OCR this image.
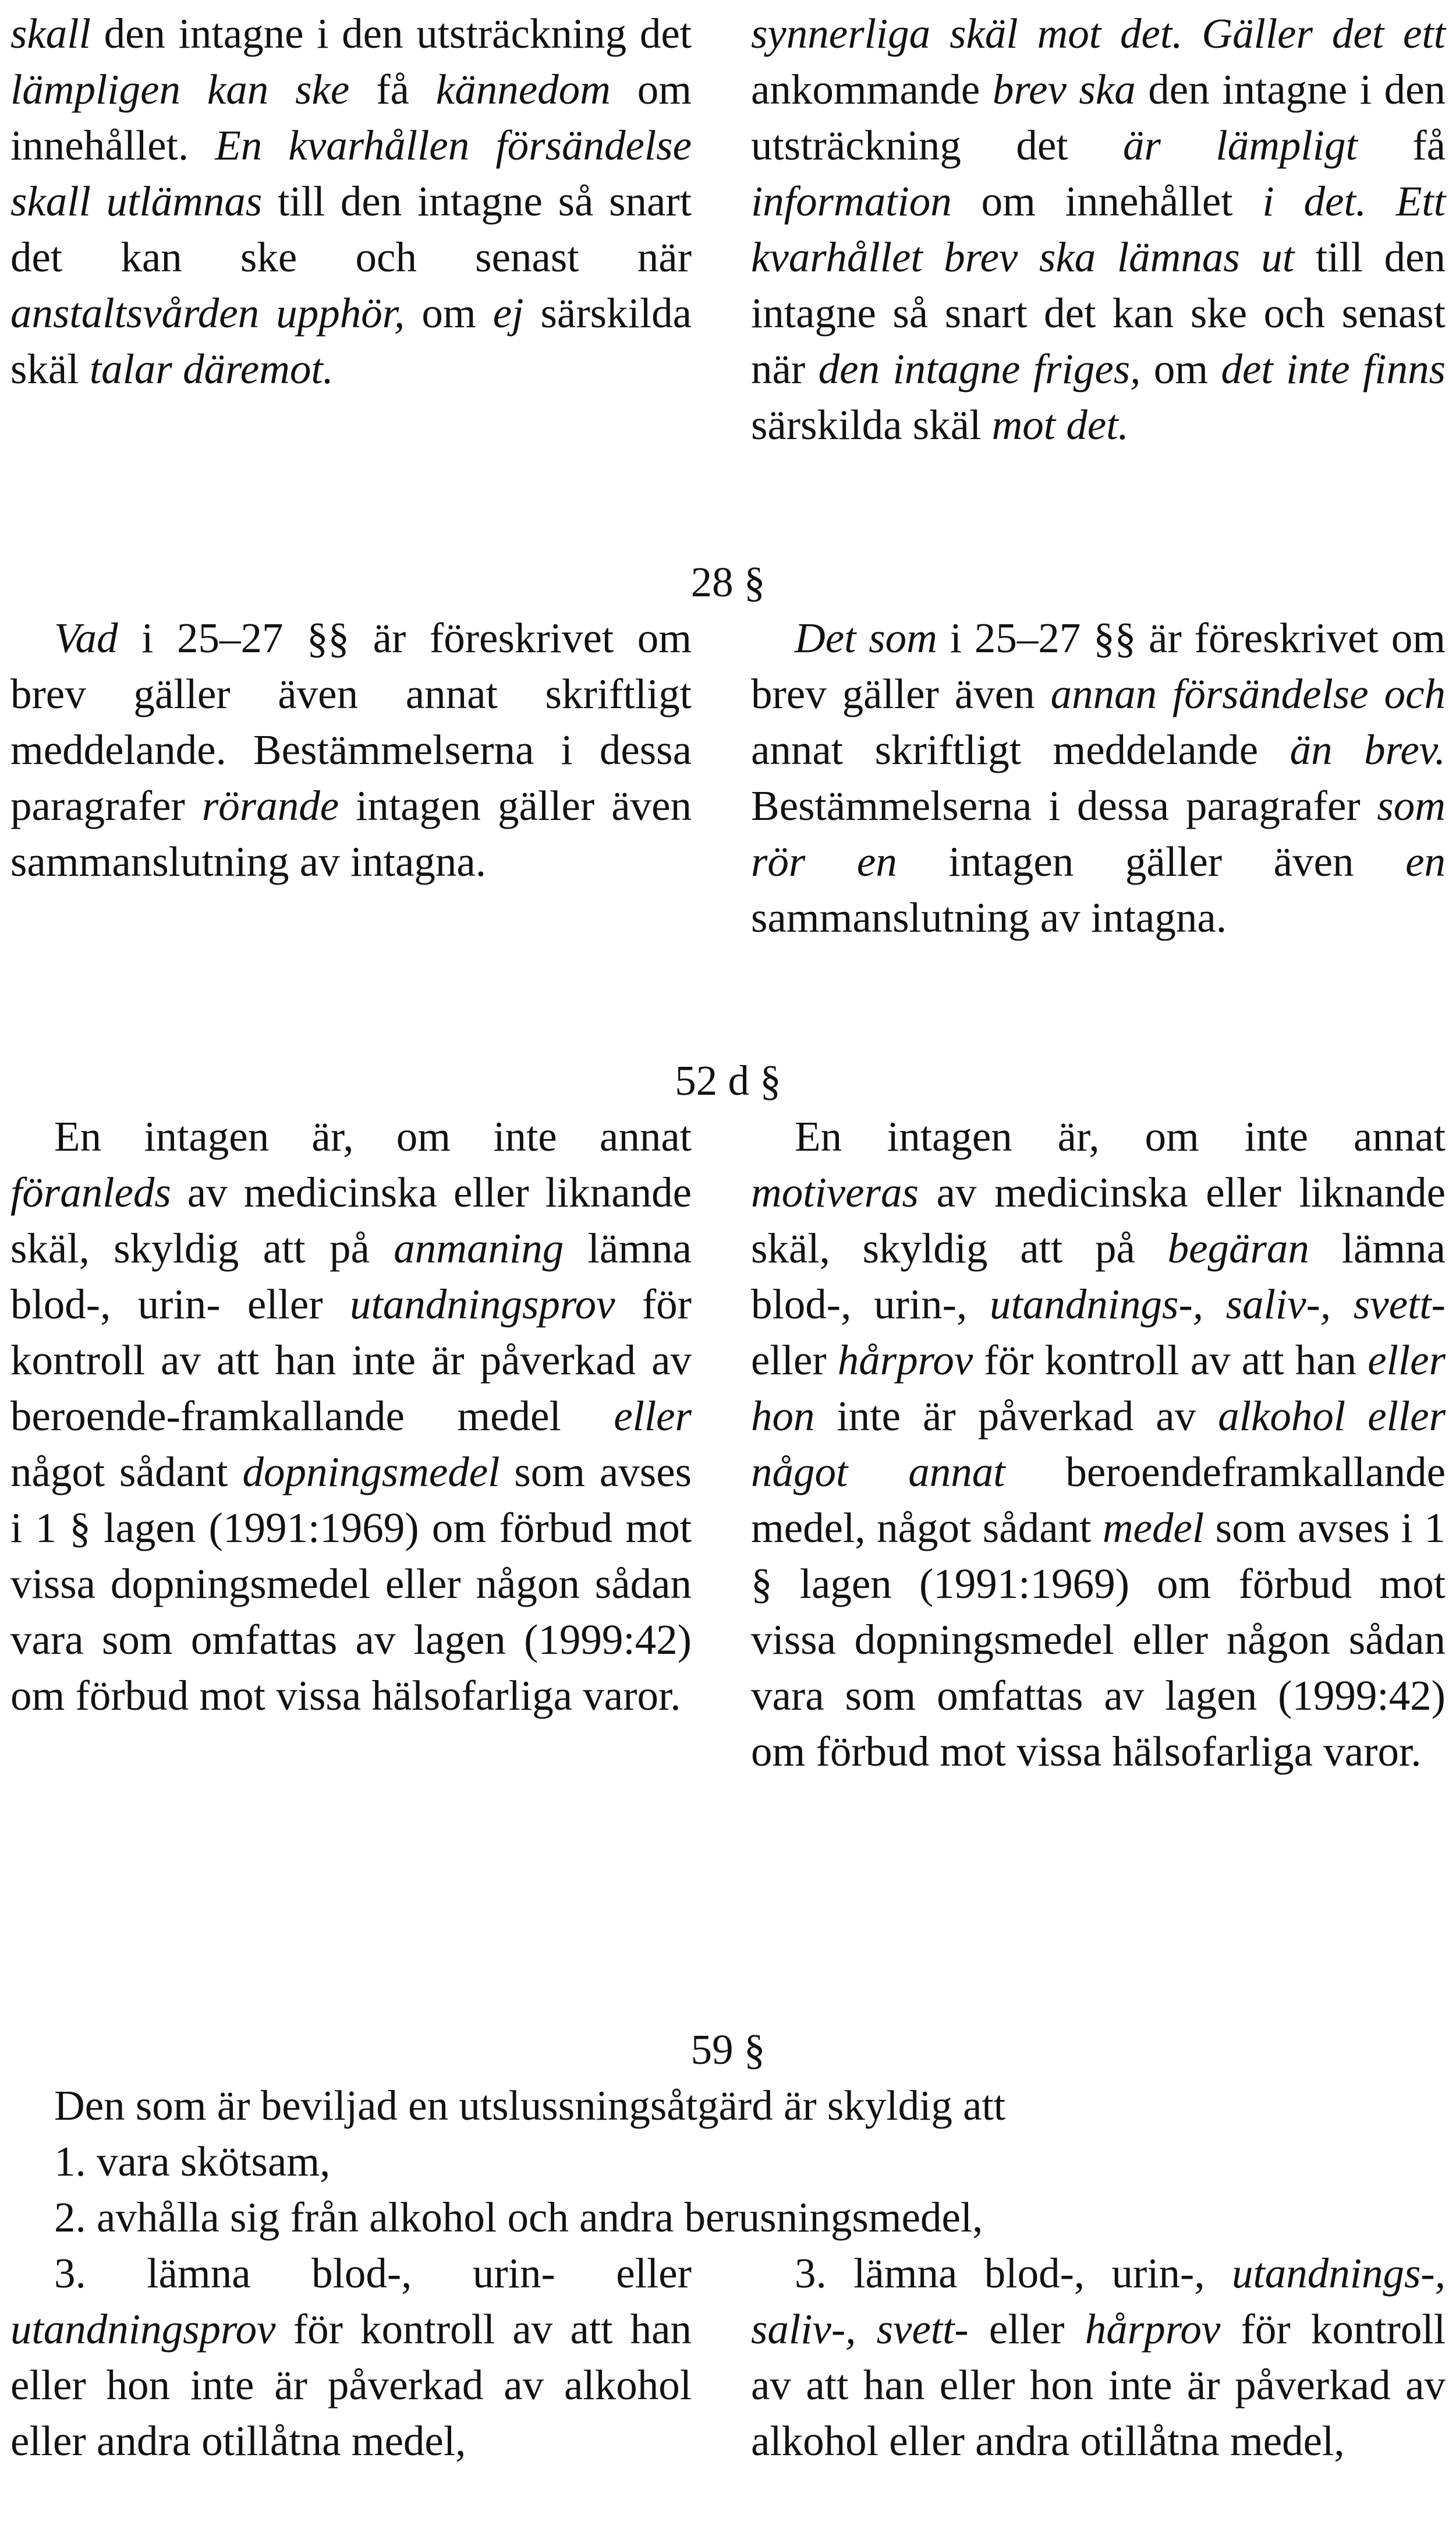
skall den intagne i den utsträckning det lämpligen kan ske få kännedom om innehållet. En kvarhållen försändelse skall utlämnas till den intagne så snart det kan ske och senast när anstaltsvården upphör, om ej särskilda skäl talar däremot.

synnerliga skäl mot det. Gäller det ett ankommande brev ska den intagne i den utsträckning det är lämpligt få information om innehållet i det. Ett kvarhållet brev ska lämnas ut till den intagne så snart det kan ske och senast när den intagne friges, om det inte finns särskilda skäl mot det.

28 §

Vad i 25–27 §§ är föreskrivet om brev gäller även annat skriftligt meddelande. Bestämmelserna i dessa paragrafer rörande intagen gäller även sammanslutning av intagna.

Det som i 25–27 §§ är föreskrivet om brev gäller även annan försändelse och annat skriftligt meddelande än brev. Bestämmelserna i dessa paragrafer som rör en intagen gäller även en sammanslutning av intagna.

52 d §

En intagen är, om inte annat föranleds av medicinska eller liknande skäl, skyldig att på anmaning lämna blod-, urin- eller utandningsprov för kontroll av att han inte är påverkad av beroende-framkallande medel eller något sådant dopningsmedel som avses i 1 § lagen (1991:1969) om förbud mot vissa dopningsmedel eller någon sådan vara som omfattas av lagen (1999:42) om förbud mot vissa hälsofarliga varor.

En intagen är, om inte annat motiveras av medicinska eller liknande skäl, skyldig att på begäran lämna blod-, urin-, utandnings-, saliv-, svett- eller hårprov för kontroll av att han eller hon inte är påverkad av alkohol eller något annat beroendeframkallande medel, något sådant medel som avses i 1 § lagen (1991:1969) om förbud mot vissa dopningsmedel eller någon sådan vara som omfattas av lagen (1999:42) om förbud mot vissa hälsofarliga varor.

59 §
Den som är beviljad en utslussningsåtgärd är skyldig att
1. vara skötsam,
2. avhålla sig från alkohol och andra berusningsmedel,

3. lämna blod-, urin- eller utandningsprov för kontroll av att han eller hon inte är påverkad av alkohol eller andra otillåtna medel,

3. lämna blod-, urin-, utandnings-, saliv-, svett- eller hårprov för kontroll av att han eller hon inte är påverkad av alkohol eller andra otillåtna medel,
